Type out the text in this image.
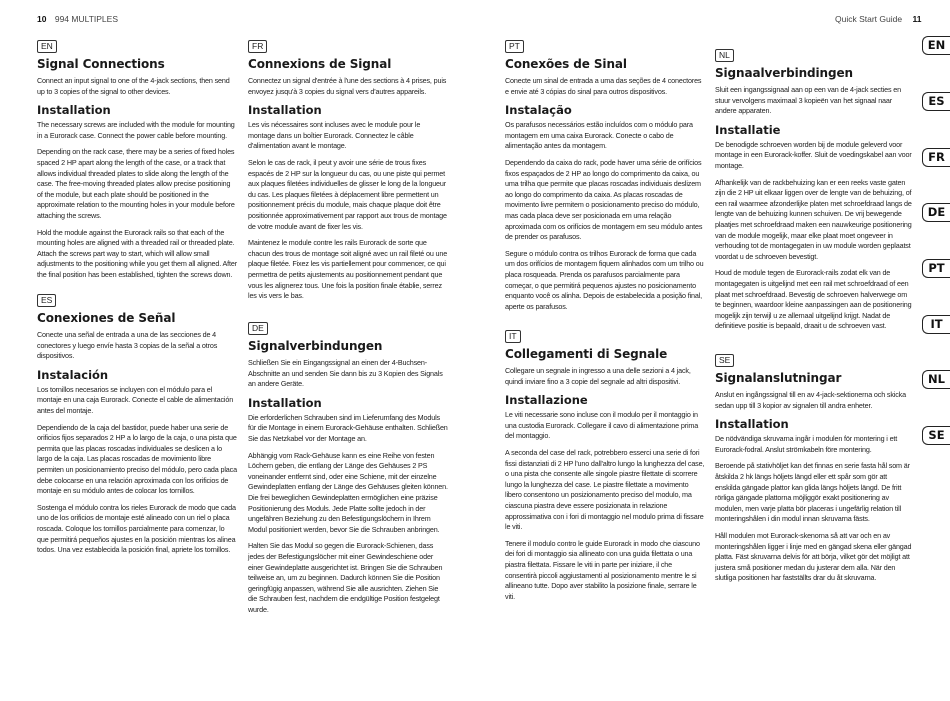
10 994 MULTIPLES	Quick Start Guide 11
EN
Signal Connections

Connect an input signal to one of the 4-jack sections, then send up to 3 copies of the signal to other devices.

Installation

The necessary screws are included with the module for mounting in a Eurorack case. Connect the power cable before mounting.

Depending on the rack case, there may be a series of fixed holes spaced 2 HP apart along the length of the case, or a track that allows individual threaded plates to slide along the length of the case. The free-moving threaded plates allow precise positioning of the module, but each plate should be positioned in the approximate relation to the mounting holes in your module before attaching the screws.

Hold the module against the Eurorack rails so that each of the mounting holes are aligned with a threaded rail or threaded plate. Attach the screws part way to start, which will allow small adjustments to the positioning while you get them all aligned. After the final position has been established, tighten the screws down.

ES
Conexiones de Señal

Conecte una señal de entrada a una de las secciones de 4 conectores y luego envíe hasta 3 copias de la señal a otros dispositivos.

Instalación

Los tornillos necesarios se incluyen con el módulo para el montaje en una caja Eurorack. Conecte el cable de alimentación antes del montaje.

Dependiendo de la caja del bastidor, puede haber una serie de orificios fijos separados 2 HP a lo largo de la caja, o una pista que permita que las placas roscadas individuales se deslicen a lo largo de la caja. Las placas roscadas de movimiento libre permiten un posicionamiento preciso del módulo, pero cada placa debe colocarse en una relación aproximada con los orificios de montaje en su módulo antes de colocar los tornillos.

Sostenga el módulo contra los rieles Eurorack de modo que cada uno de los orificios de montaje esté alineado con un riel o placa roscada. Coloque los tornillos parcialmente para comenzar, lo que permitirá pequeños ajustes en la posición mientras los alinea todos. Una vez establecida la posición final, apriete los tornillos.

FR
Connexions de Signal

Connectez un signal d'entrée à l'une des sections à 4 prises, puis envoyez jusqu'à 3 copies du signal vers d'autres appareils.

Installation

Les vis nécessaires sont incluses avec le module pour le montage dans un boîtier Eurorack. Connectez le câble d'alimentation avant le montage.

Selon le cas de rack, il peut y avoir une série de trous fixes espacés de 2 HP sur la longueur du cas, ou une piste qui permet aux plaques filetées individuelles de glisser le long de la longueur du cas. Les plaques filetées à déplacement libre permettent un positionnement précis du module, mais chaque plaque doit être positionnée approximativement par rapport aux trous de montage de votre module avant de fixer les vis.

Maintenez le module contre les rails Eurorack de sorte que chacun des trous de montage soit aligné avec un rail fileté ou une plaque filetée. Fixez les vis partiellement pour commencer, ce qui permettra de petits ajustements au positionnement pendant que vous les alignerez tous. Une fois la position finale établie, serrez les vis vers le bas.

DE
Signalverbindungen

Schließen Sie ein Eingangssignal an einen der 4-Buchsen-Abschnitte an und senden Sie dann bis zu 3 Kopien des Signals an andere Geräte.

Installation

Die erforderlichen Schrauben sind im Lieferumfang des Moduls für die Montage in einem Eurorack-Gehäuse enthalten. Schließen Sie das Netzkabel vor der Montage an.

Abhängig vom Rack-Gehäuse kann es eine Reihe von festen Löchern geben, die entlang der Länge des Gehäuses 2 PS voneinander entfernt sind, oder eine Schiene, mit der einzelne Gewindeplatten entlang der Länge des Gehäuses gleiten können. Die frei beweglichen Gewindeplatten ermöglichen eine präzise Positionierung des Moduls. Jede Platte sollte jedoch in der ungefähren Beziehung zu den Befestigungslöchern in Ihrem Modul positioniert werden, bevor Sie die Schrauben anbringen.

Halten Sie das Modul so gegen die Eurorack-Schienen, dass jedes der Befestigungslöcher mit einer Gewindeschiene oder einer Gewindeplatte ausgerichtet ist. Bringen Sie die Schrauben teilweise an, um zu beginnen. Dadurch können Sie die Position geringfügig anpassen, während Sie alle ausrichten. Ziehen Sie die Schrauben fest, nachdem die endgültige Position festgelegt wurde.

PT
Conexões de Sinal

Conecte um sinal de entrada a uma das seções de 4 conectores e envie até 3 cópias do sinal para outros dispositivos.

Instalação

Os parafusos necessários estão incluídos com o módulo para montagem em uma caixa Eurorack. Conecte o cabo de alimentação antes da montagem.

Dependendo da caixa do rack, pode haver uma série de orifícios fixos espaçados de 2 HP ao longo do comprimento da caixa, ou uma trilha que permite que placas roscadas individuais deslizem ao longo do comprimento da caixa. As placas roscadas de movimento livre permitem o posicionamento preciso do módulo, mas cada placa deve ser posicionada em uma relação aproximada com os orifícios de montagem em seu módulo antes de prender os parafusos.

Segure o módulo contra os trilhos Eurorack de forma que cada um dos orifícios de montagem fiquem alinhados com um trilho ou placa rosqueada. Prenda os parafusos parcialmente para começar, o que permitirá pequenos ajustes no posicionamento enquanto você os alinha. Depois de estabelecida a posição final, aperte os parafusos.

IT
Collegamenti di Segnale

Collegare un segnale in ingresso a una delle sezioni a 4 jack, quindi inviare fino a 3 copie del segnale ad altri dispositivi.

Installazione

Le viti necessarie sono incluse con il modulo per il montaggio in una custodia Eurorack. Collegare il cavo di alimentazione prima del montaggio.

A seconda del case del rack, potrebbero esserci una serie di fori fissi distanziati di 2 HP l'uno dall'altro lungo la lunghezza del case, o una pista che consente alle singole piastre filettate di scorrere lungo la lunghezza del case. Le piastre filettate a movimento libero consentono un posizionamento preciso del modulo, ma ciascuna piastra deve essere posizionata in relazione approssimativa con i fori di montaggio nel modulo prima di fissare le viti.

Tenere il modulo contro le guide Eurorack in modo che ciascuno dei fori di montaggio sia allineato con una guida filettata o una piastra filettata. Fissare le viti in parte per iniziare, il che consentirà piccoli aggiustamenti al posizionamento mentre le si allineano tutte. Dopo aver stabilito la posizione finale, serrare le viti.

NL
Signaalverbindingen

Sluit een ingangssignaal aan op een van de 4-jack secties en stuur vervolgens maximaal 3 kopieën van het signaal naar andere apparaten.

Installatie

De benodigde schroeven worden bij de module geleverd voor montage in een Eurorack-koffer. Sluit de voedingskabel aan voor montage.

Afhankelijk van de rackbehuizing kan er een reeks vaste gaten zijn die 2 HP uit elkaar liggen over de lengte van de behuizing, of een rail waarmee afzonderlijke platen met schroefdraad langs de lengte van de behuizing kunnen schuiven. De vrij bewegende plaatjes met schroefdraad maken een nauwkeurige positionering van de module mogelijk, maar elke plaat moet ongeveer in verhouding tot de montagegaten in uw module worden geplaatst voordat u de schroeven bevestigt.

Houd de module tegen de Eurorack-rails zodat elk van de montagegaten is uitgelijnd met een rail met schroefdraad of een plaat met schroefdraad. Bevestig de schroeven halverwege om te beginnen, waardoor kleine aanpassingen aan de positionering mogelijk zijn terwijl u ze allemaal uitgelijnd krijgt. Nadat de definitieve positie is bepaald, draait u de schroeven vast.

SE
Signalanslutningar

Anslut en ingångssignal till en av 4-jack-sektionerna och skicka sedan upp till 3 kopior av signalen till andra enheter.

Installation

De nödvändiga skruvarna ingår i modulen för montering i ett Eurorack-fodral. Anslut strömkabeln före montering.

Beroende på stativhöljet kan det finnas en serie fasta hål som är åtskilda 2 hk längs höljets längd eller ett spår som gör att enskilda gängade plattor kan glida längs höljets längd. De fritt rörliga gängade plattorna möjliggör exakt positionering av modulen, men varje platta bör placeras i ungefärlig relation till monteringshålen i din modul innan skruvarna fästs.

Håll modulen mot Eurorack-skenorna så att var och en av monteringshålen ligger i linje med en gängad skena eller gängad platta. Fäst skruvarna delvis för att börja, vilket gör det möjligt att justera små positioner medan du justerar dem alla. När den slutliga positionen har fastställts drar du åt skruvarna.

EN
ES
FR
DE
PT
IT
NL
SE
